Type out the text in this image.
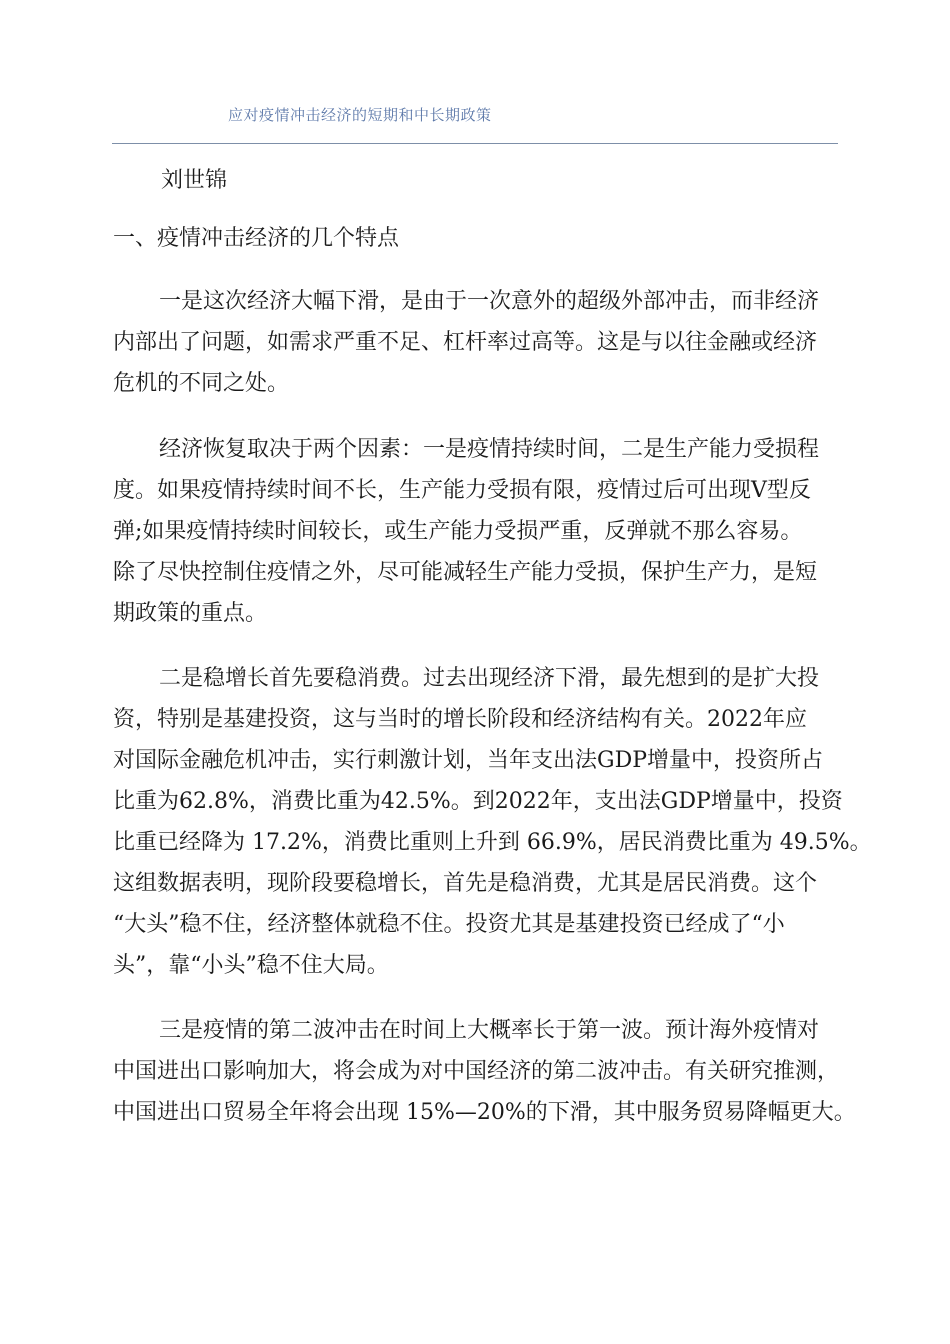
应对疫情冲击经济的短期和中长期政策
刘世锦
一、疫情冲击经济的几个特点
一是这次经济大幅下滑，是由于一次意外的超级外部冲击，而非经济
内部出了问题，如需求严重不足、杠杆率过高等。这是与以往金融或经济
危机的不同之处。
经济恢复取决于两个因素：一是疫情持续时间，二是生产能力受损程
度。如果疫情持续时间不长，生产能力受损有限，疫情过后可出现Ⅴ型反
弹;如果疫情持续时间较长，或生产能力受损严重，反弹就不那么容易。
除了尽快控制住疫情之外，尽可能减轻生产能力受损，保护生产力，是短
期政策的重点。
二是稳增长首先要稳消费。过去出现经济下滑，最先想到的是扩大投
资，特别是基建投资，这与当时的增长阶段和经济结构有关。2022年应
对国际金融危机冲击，实行刺激计划，当年支出法GDP增量中，投资所占
比重为62.8%，消费比重为42.5%。到2022年，支出法GDP增量中，投资
比重已经降为 17.2%，消费比重则上升到 66.9%，居民消费比重为 49.5%。
这组数据表明，现阶段要稳增长，首先是稳消费，尤其是居民消费。这个
“大头”稳不住，经济整体就稳不住。投资尤其是基建投资已经成了“小
头”，靠“小头”稳不住大局。
三是疫情的第二波冲击在时间上大概率长于第一波。预计海外疫情对
中国进出口影响加大，将会成为对中国经济的第二波冲击。有关研究推测，
中国进出口贸易全年将会出现 15%—20%的下滑，其中服务贸易降幅更大。
